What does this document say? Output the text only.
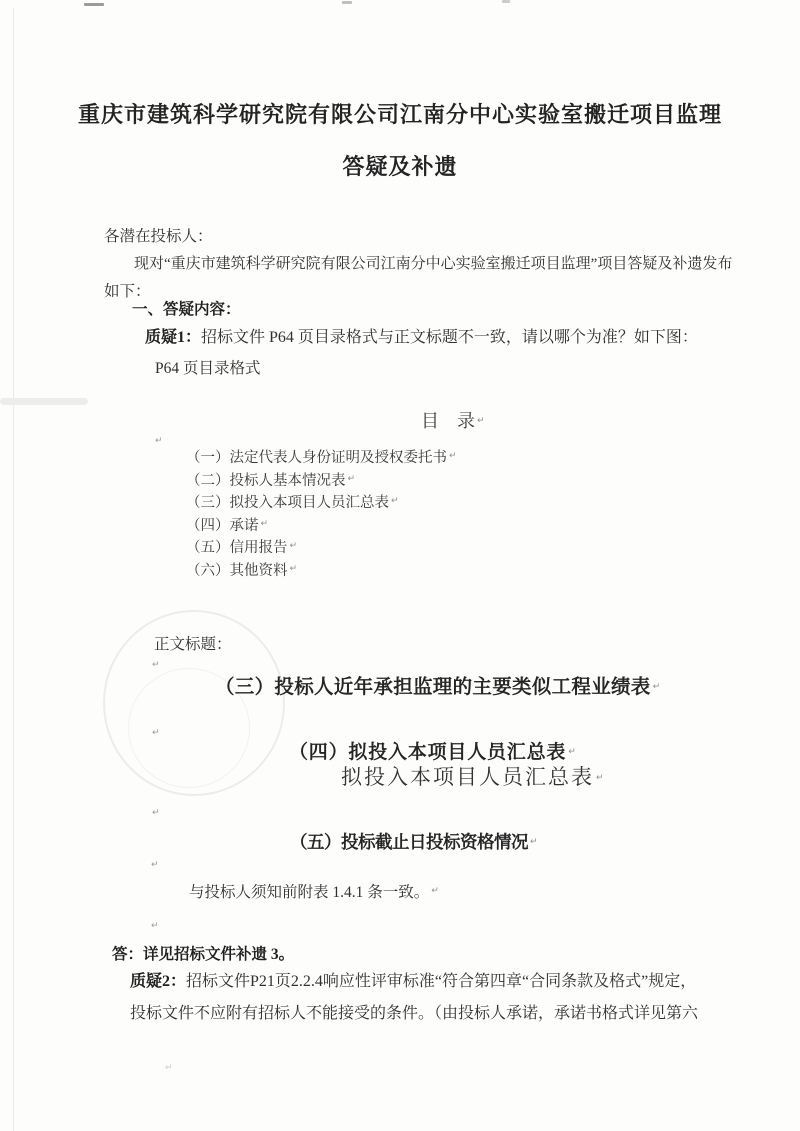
重庆市建筑科学研究院有限公司江南分中心实验室搬迁项目监理
答疑及补遗
各潜在投标人：
现对“重庆市建筑科学研究院有限公司江南分中心实验室搬迁项目监理”项目答疑及补遗发布
如下：
一、答疑内容：
质疑1：招标文件 P64 页目录格式与正文标题不一致，请以哪个为准？如下图：
P64 页目录格式
目　录 ↵
↵
（一）法定代表人身份证明及授权委托书 ↵
（二）投标人基本情况表 ↵
（三）拟投入本项目人员汇总表 ↵
（四）承诺 ↵
（五）信用报告 ↵
（六）其他资料 ↵
正文标题：
↵
（三）投标人近年承担监理的主要类似工程业绩表 ↵
↵
（四）拟投入本项目人员汇总表 ↵
拟投入本项目人员汇总表 ↵
↵
（五）投标截止日投标资格情况 ↵
↵
与投标人须知前附表 1.4.1 条一致。 ↵
↵
答：详见招标文件补遗 3。
质疑2：招标文件P21页2.2.4响应性评审标准“符合第四章“合同条款及格式”规定，
投标文件不应附有招标人不能接受的条件。（由投标人承诺，承诺书格式详见第六
↵
